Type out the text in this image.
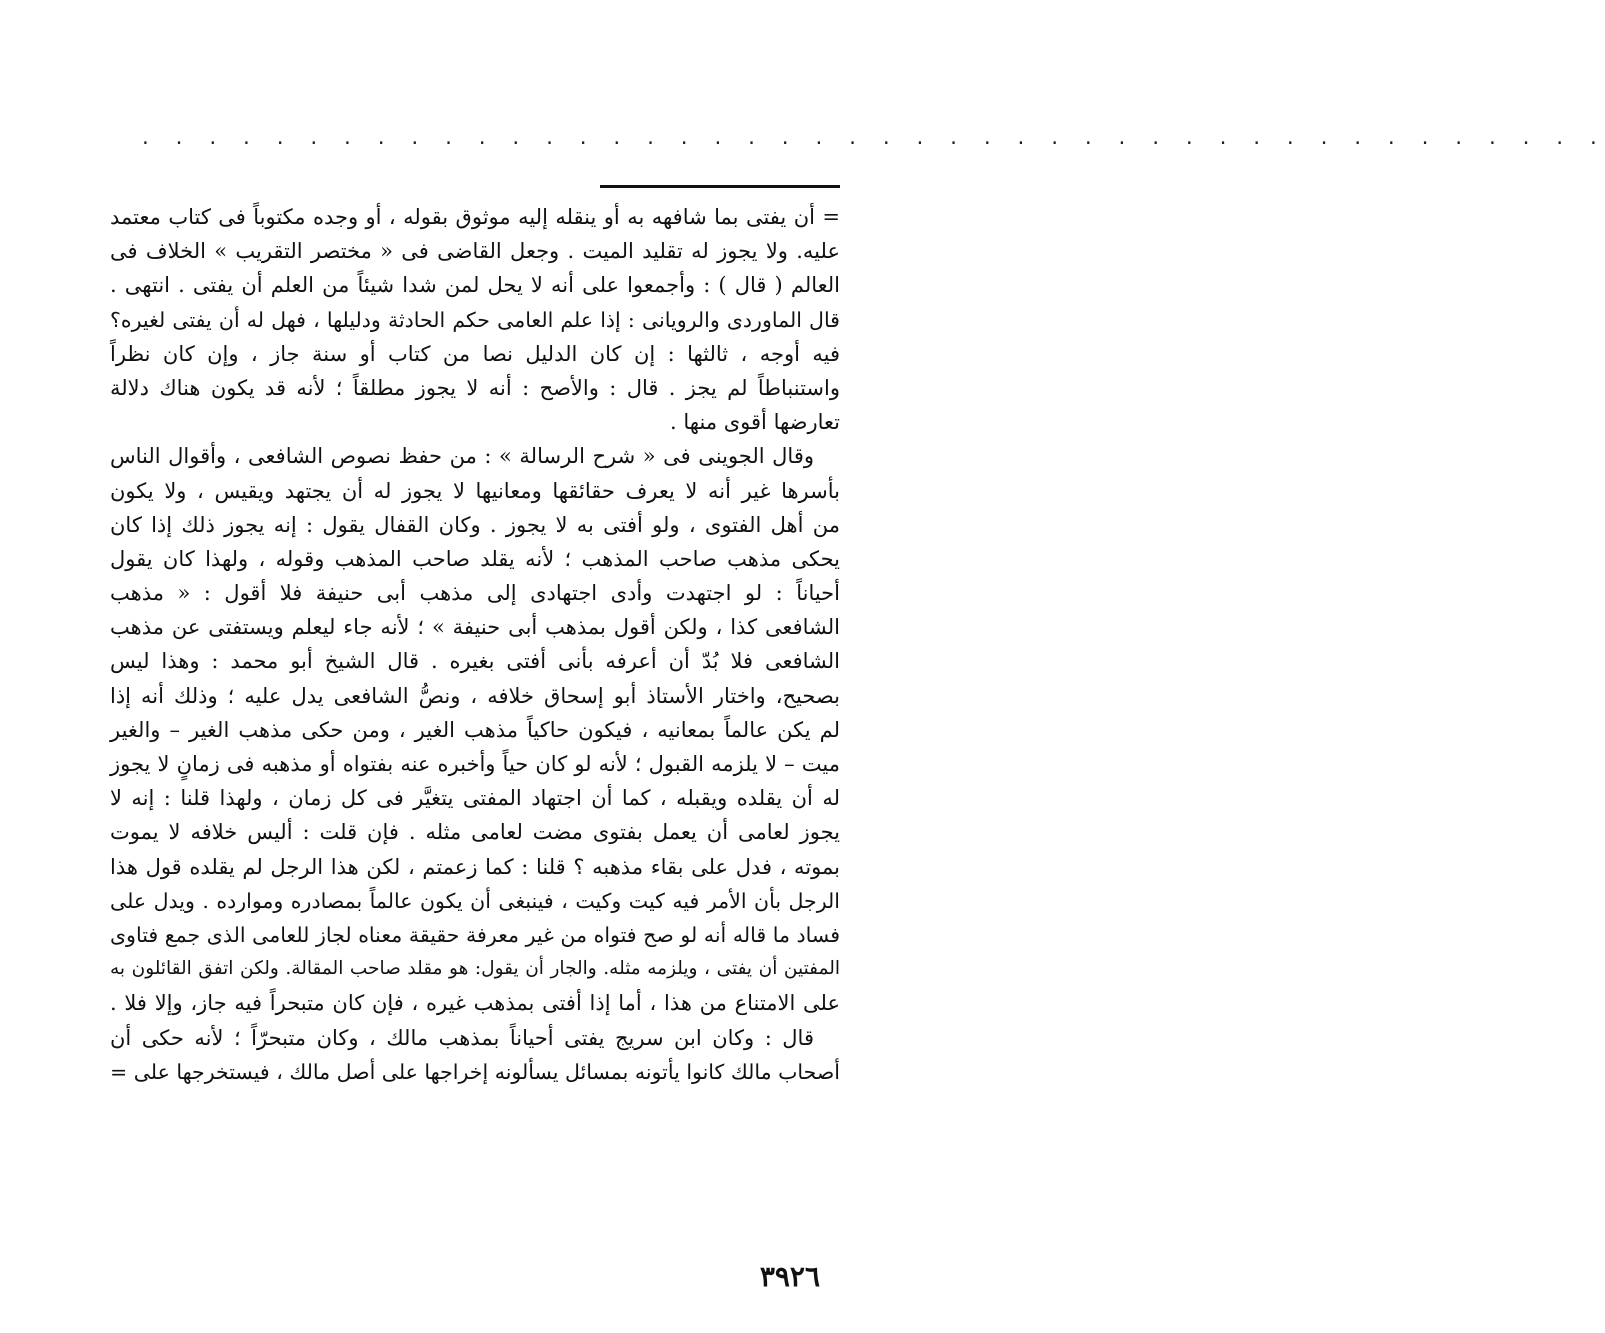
. . . . . . . . . . . . . . . . . . . . . . . . . . . . . . . . . . . . . . . . . . . .
= أن يفتى بما شافهه به أو ينقله إليه موثوق بقوله ، أو وجده مكتوباً فى كتاب معتمد
عليه. ولا يجوز له تقليد الميت . وجعل القاضى فى « مختصر التقريب » الخلاف فى
العالم ( قال ) : وأجمعوا على أنه لا يحل لمن شدا شيئاً من العلم أن يفتى . انتهى .
قال الماوردى والرويانى : إذا علم العامى حكم الحادثة ودليلها ، فهل له أن يفتى لغيره؟
فيه أوجه ، ثالثها : إن كان الدليل نصا من كتاب أو سنة جاز ، وإن كان نظراً
واستنباطاً لم يجز . قال : والأصح : أنه لا يجوز مطلقاً ؛ لأنه قد يكون هناك دلالة
تعارضها أقوى منها .
وقال الجوينى فى « شرح الرسالة » : من حفظ نصوص الشافعى ، وأقوال الناس
بأسرها غير أنه لا يعرف حقائقها ومعانيها لا يجوز له أن يجتهد ويقيس ، ولا يكون
من أهل الفتوى ، ولو أفتى به لا يجوز . وكان القفال يقول : إنه يجوز ذلك إذا كان
يحكى مذهب صاحب المذهب ؛ لأنه يقلد صاحب المذهب وقوله ، ولهذا كان يقول
أحياناً : لو اجتهدت وأدى اجتهادى إلى مذهب أبى حنيفة فلا أقول : « مذهب
الشافعى كذا ، ولكن أقول بمذهب أبى حنيفة » ؛ لأنه جاء ليعلم ويستفتى عن مذهب
الشافعى فلا بُدّ أن أعرفه بأنى أفتى بغيره . قال الشيخ أبو محمد : وهذا ليس
بصحيح، واختار الأستاذ أبو إسحاق خلافه ، ونصُّ الشافعى يدل عليه ؛ وذلك أنه إذا
لم يكن عالماً بمعانيه ، فيكون حاكياً مذهب الغير ، ومن حكى مذهب الغير – والغير
ميت – لا يلزمه القبول ؛ لأنه لو كان حياً وأخبره عنه بفتواه أو مذهبه فى زمانٍ لا يجوز
له أن يقلده ويقبله ، كما أن اجتهاد المفتى يتغيَّر فى كل زمان ، ولهذا قلنا : إنه لا
يجوز لعامى أن يعمل بفتوى مضت لعامى مثله . فإن قلت : أليس خلافه لا يموت
بموته ، فدل على بقاء مذهبه ؟ قلنا : كما زعمتم ، لكن هذا الرجل لم يقلده قول هذا
الرجل بأن الأمر فيه كيت وكيت ، فينبغى أن يكون عالماً بمصادره وموارده . ويدل على
فساد ما قاله أنه لو صح فتواه من غير معرفة حقيقة معناه لجاز للعامى الذى جمع فتاوى
المفتين أن يفتى ، ويلزمه مثله. والجار أن يقول: هو مقلد صاحب المقالة. ولكن اتفق القائلون به
على الامتناع من هذا ، أما إذا أفتى بمذهب غيره ، فإن كان متبحراً فيه جاز، وإلا فلا .
قال : وكان ابن سريج يفتى أحياناً بمذهب مالك ، وكان متبحرّاً ؛ لأنه حكى أن
أصحاب مالك كانوا يأتونه بمسائل يسألونه إخراجها على أصل مالك ، فيستخرجها على =
٣٩٢٦
